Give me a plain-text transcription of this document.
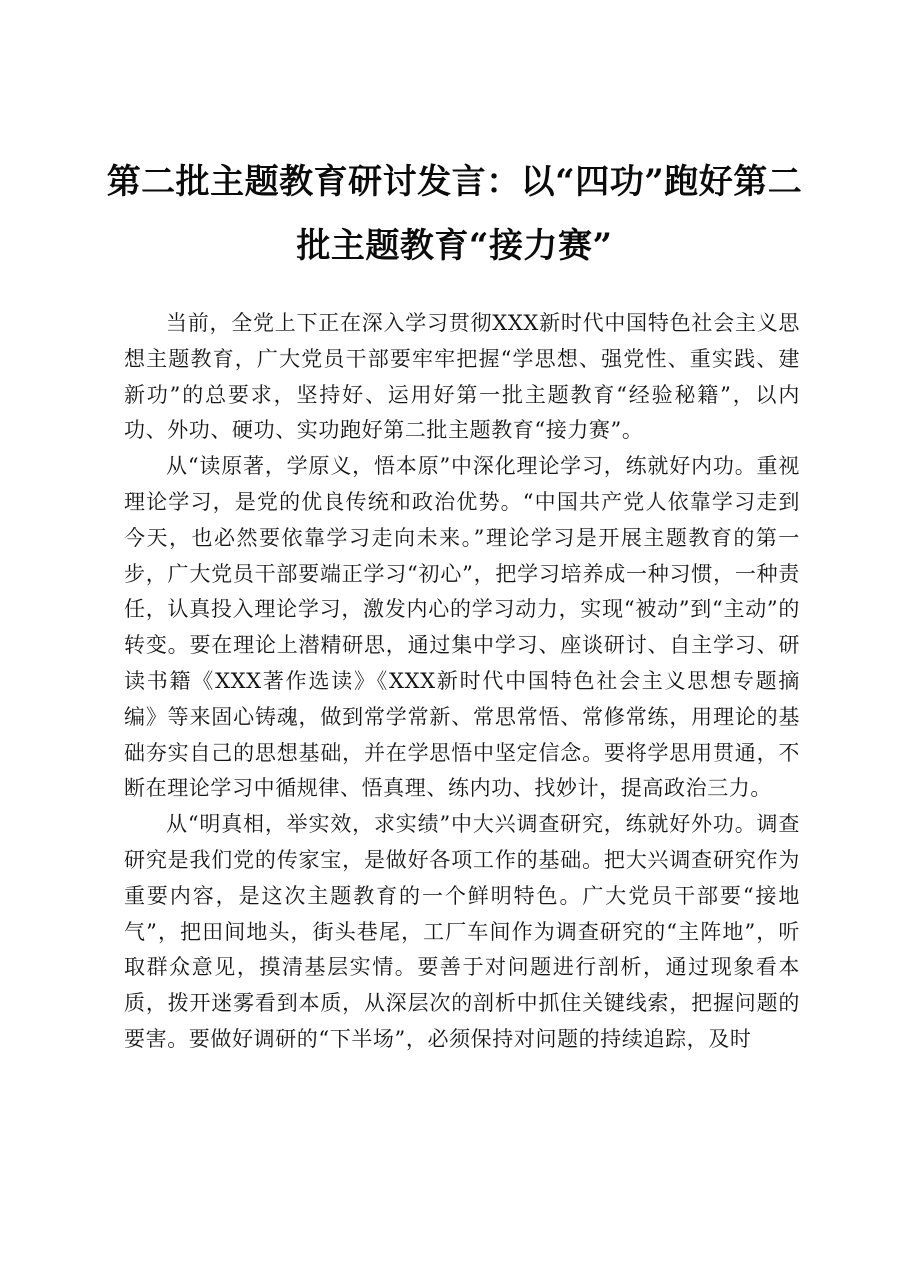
第二批主题教育研讨发言：以“四功”跑好第二批主题教育“接力赛”

当前，全党上下正在深入学习贯彻XXX新时代中国特色社会主义思想主题教育，广大党员干部要牢牢把握“学思想、强党性、重实践、建新功”的总要求，坚持好、运用好第一批主题教育“经验秘籍”，以内功、外功、硬功、实功跑好第二批主题教育“接力赛”。

从“读原著，学原义，悟本原”中深化理论学习，练就好内功。重视理论学习，是党的优良传统和政治优势。“中国共产党人依靠学习走到今天，也必然要依靠学习走向未来。”理论学习是开展主题教育的第一步，广大党员干部要端正学习“初心”，把学习培养成一种习惯，一种责任，认真投入理论学习，激发内心的学习动力，实现“被动”到“主动”的转变。要在理论上潜精研思，通过集中学习、座谈研讨、自主学习、研读书籍《XXX著作选读》《XXX新时代中国特色社会主义思想专题摘编》等来固心铸魂，做到常学常新、常思常悟、常修常练，用理论的基础夯实自己的思想基础，并在学思悟中坚定信念。要将学思用贯通，不断在理论学习中循规律、悟真理、练内功、找妙计，提高政治三力。

从“明真相，举实效，求实绩”中大兴调查研究，练就好外功。调查研究是我们党的传家宝，是做好各项工作的基础。把大兴调查研究作为重要内容，是这次主题教育的一个鲜明特色。广大党员干部要“接地气”，把田间地头，街头巷尾，工厂车间作为调查研究的“主阵地”，听取群众意见，摸清基层实情。要善于对问题进行剖析，通过现象看本质，拨开迷雾看到本质，从深层次的剖析中抓住关键线索，把握问题的要害。要做好调研的“下半场”，必须保持对问题的持续追踪，及时
